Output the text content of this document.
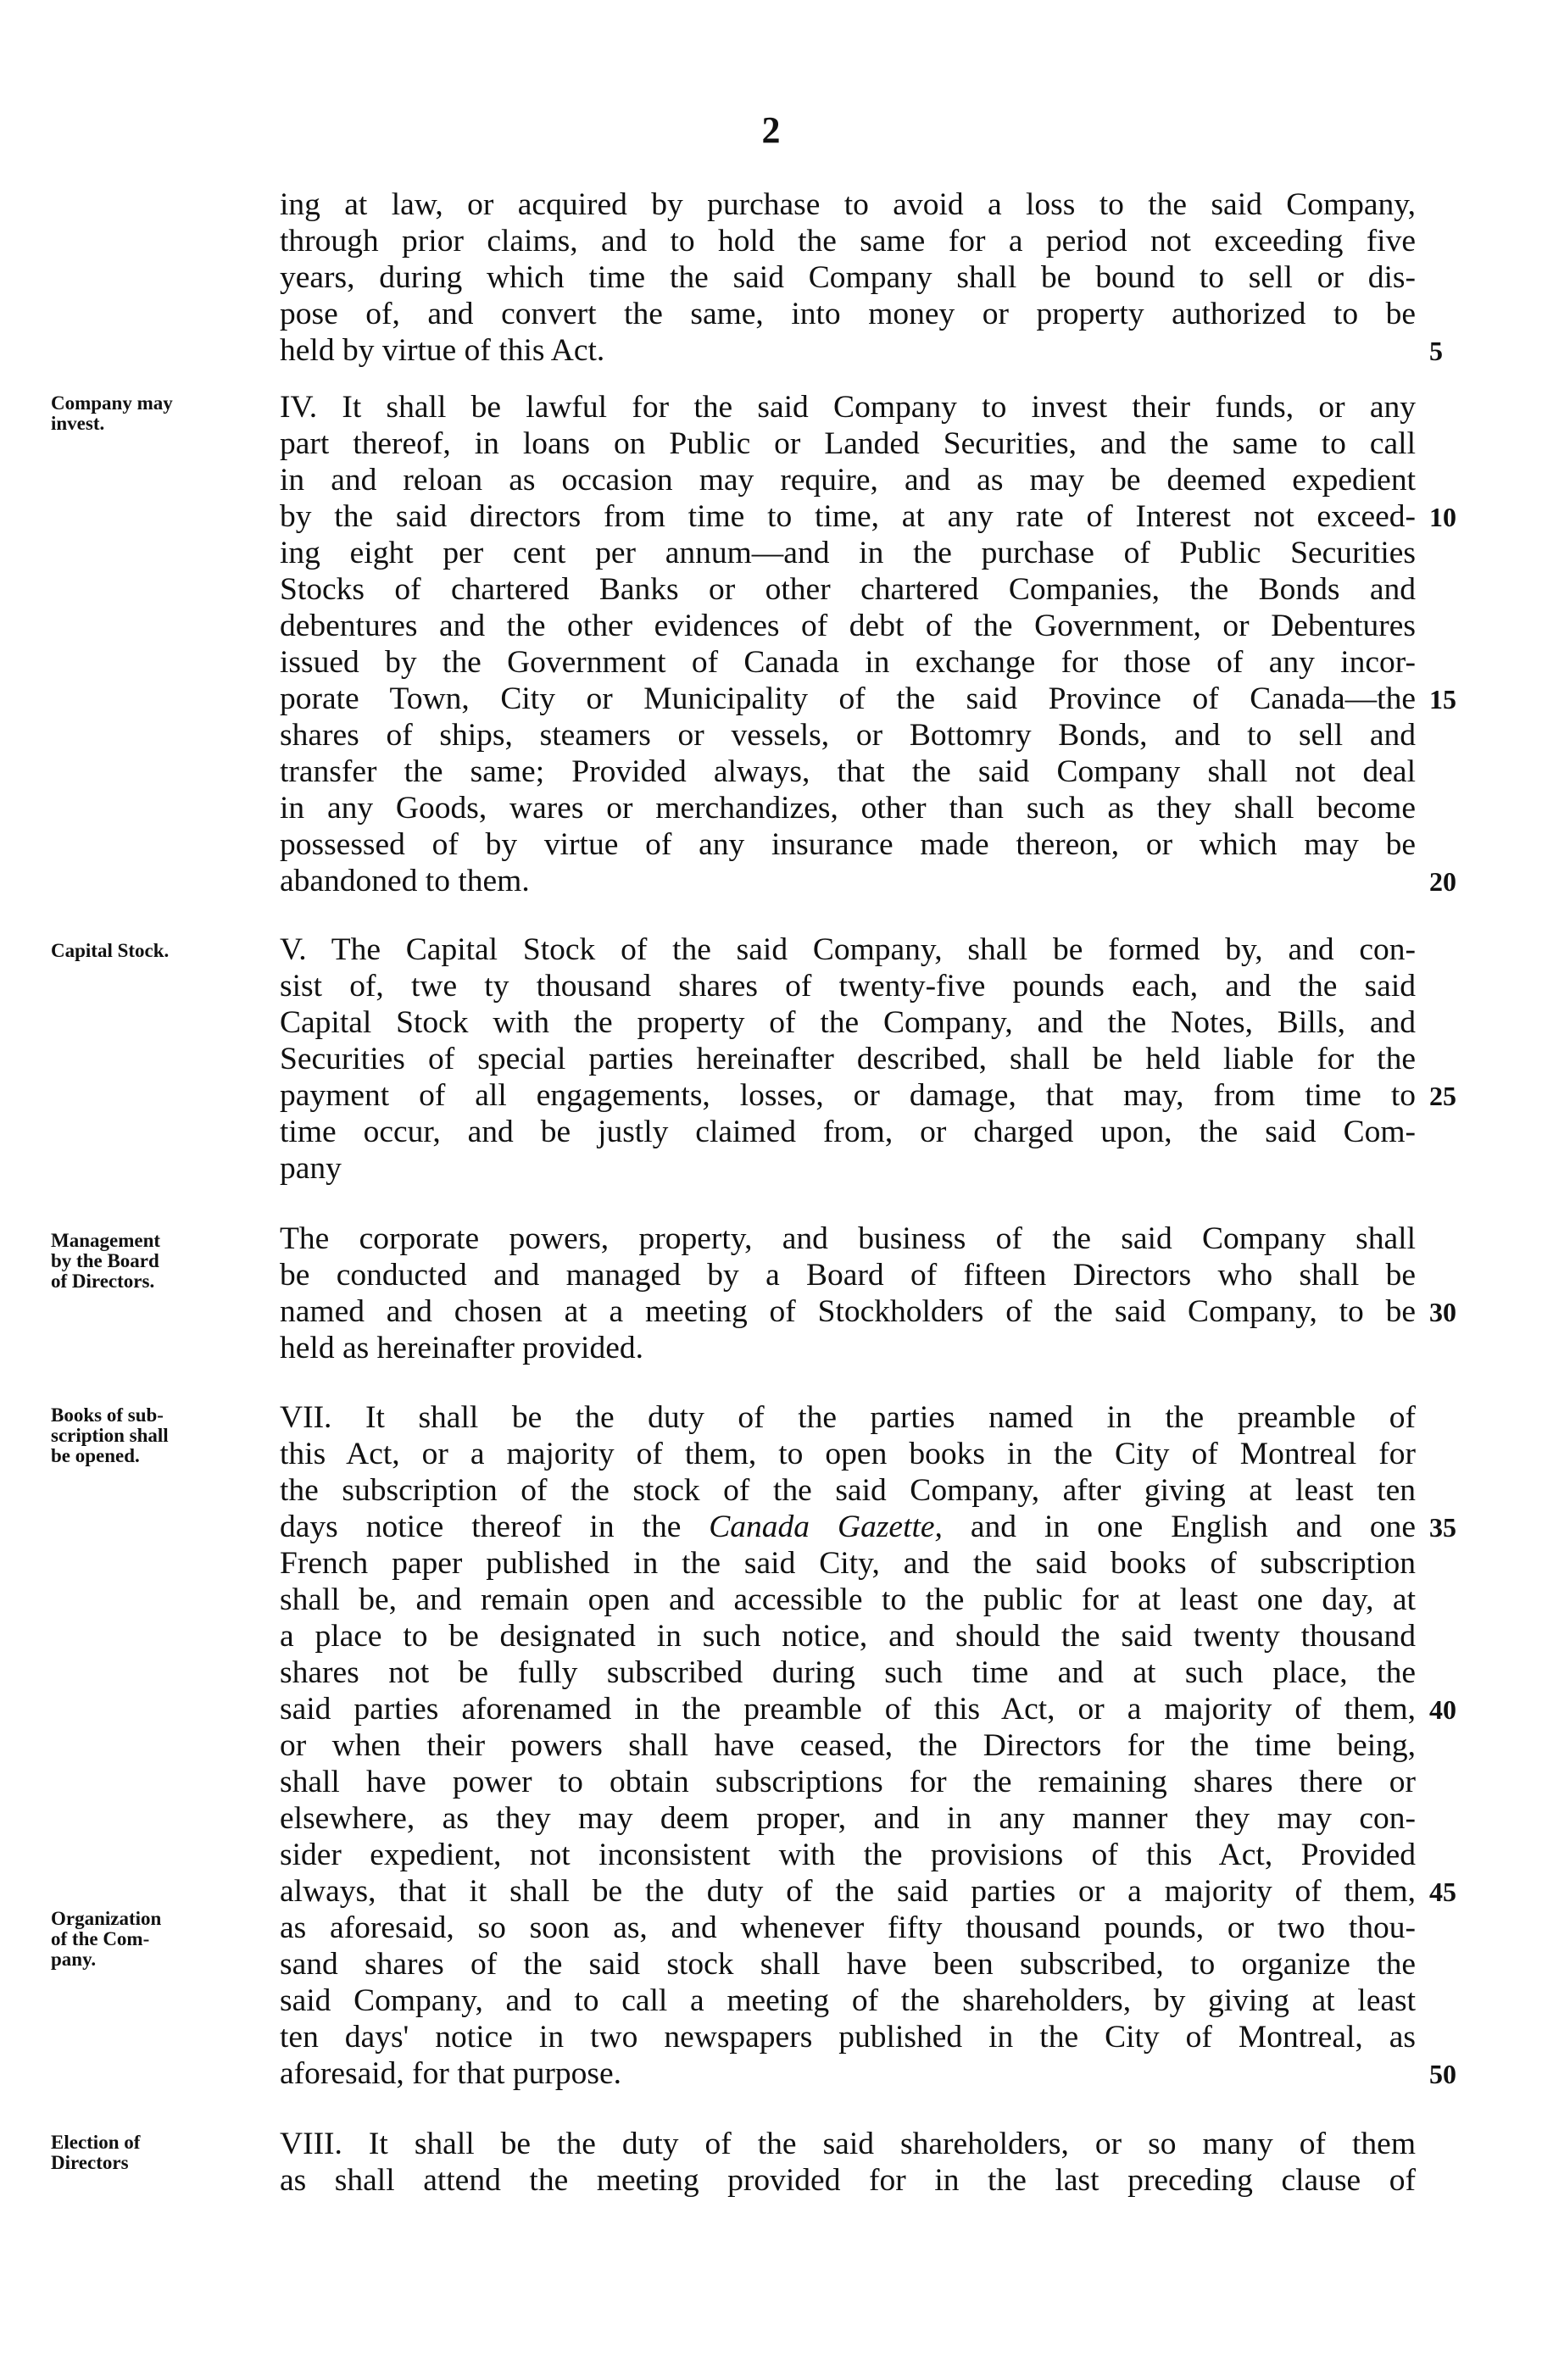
2
ing at law, or acquired by purchase to avoid a loss to the said Company,
through prior claims, and to hold the same for a period not exceeding five
years, during which time the said Company shall be bound to sell or dis-
pose of, and convert the same, into money or property authorized to be
held by virtue of this Act.	5
Company may
invest.	IV. It shall be lawful for the said Company to invest their funds, or any
part thereof, in loans on Public or Landed Securities, and the same to call
in and reloan as occasion may require, and as may be deemed expedient
by the said directors from time to time, at any rate of Interest not exceed- 10
ing eight per cent per annum—and in the purchase of Public Securities
Stocks of chartered Banks or other chartered Companies, the Bonds and
debentures and the other evidences of debt of the Government, or Debentures
issued by the Government of Canada in exchange for those of any incor-
porate Town, City or Municipality of the said Province of Canada—the 15
shares of ships, steamers or vessels, or Bottomry Bonds, and to sell and
transfer the same; Provided always, that the said Company shall not deal
in any Goods, wares or merchandizes, other than such as they shall become
possessed of by virtue of any insurance made thereon, or which may be
abandoned to them.	20
Capital Stock.	V. The Capital Stock of the said Company, shall be formed by, and con-
sist of, twe ty thousand shares of twenty-five pounds each, and the said
Capital Stock with the property of the Company, and the Notes, Bills, and
Securities of special parties hereinafter described, shall be held liable for the
payment of all engagements, losses, or damage, that may, from time to 25
time occur, and be justly claimed from, or charged upon, the said Com-
pany
Management
by the Board
of Directors.
The corporate powers, property, and business of the said Company shall
be conducted and managed by a Board of fifteen Directors who shall be
named and chosen at a meeting of Stockholders of the said Company, to be 30
held as hereinafter provided.
Books of sub-
scription shall
be opened.
VII. It shall be the duty of the parties named in the preamble of
this Act, or a majority of them, to open books in the City of Montreal for
the subscription of the stock of the said Company, after giving at least ten
days notice thereof in the Canada Gazette, and in one English and one 35
French paper published in the said City, and the said books of subscription
shall be, and remain open and accessible to the public for at least one day, at
a place to be designated in such notice, and should the said twenty thousand
shares not be fully subscribed during such time and at such place, the
said parties aforenamed in the preamble of this Act, or a majority of them, 40
or when their powers shall have ceased, the Directors for the time being,
shall have power to obtain subscriptions for the remaining shares there or
elsewhere, as they may deem proper, and in any manner they may con-
sider expedient, not inconsistent with the provisions of this Act, Provided
always, that it shall be the duty of the said parties or a majority of them, 45
Organization
of the Com-
pany.
as aforesaid, so soon as, and whenever fifty thousand pounds, or two thou-
sand shares of the said stock shall have been subscribed, to organize the
said Company, and to call a meeting of the shareholders, by giving at least
ten days' notice in two newspapers published in the City of Montreal, as
aforesaid, for that purpose.	50
Election of
Directors
VIII. It shall be the duty of the said shareholders, or so many of them
as shall attend the meeting provided for in the last preceding clause of
